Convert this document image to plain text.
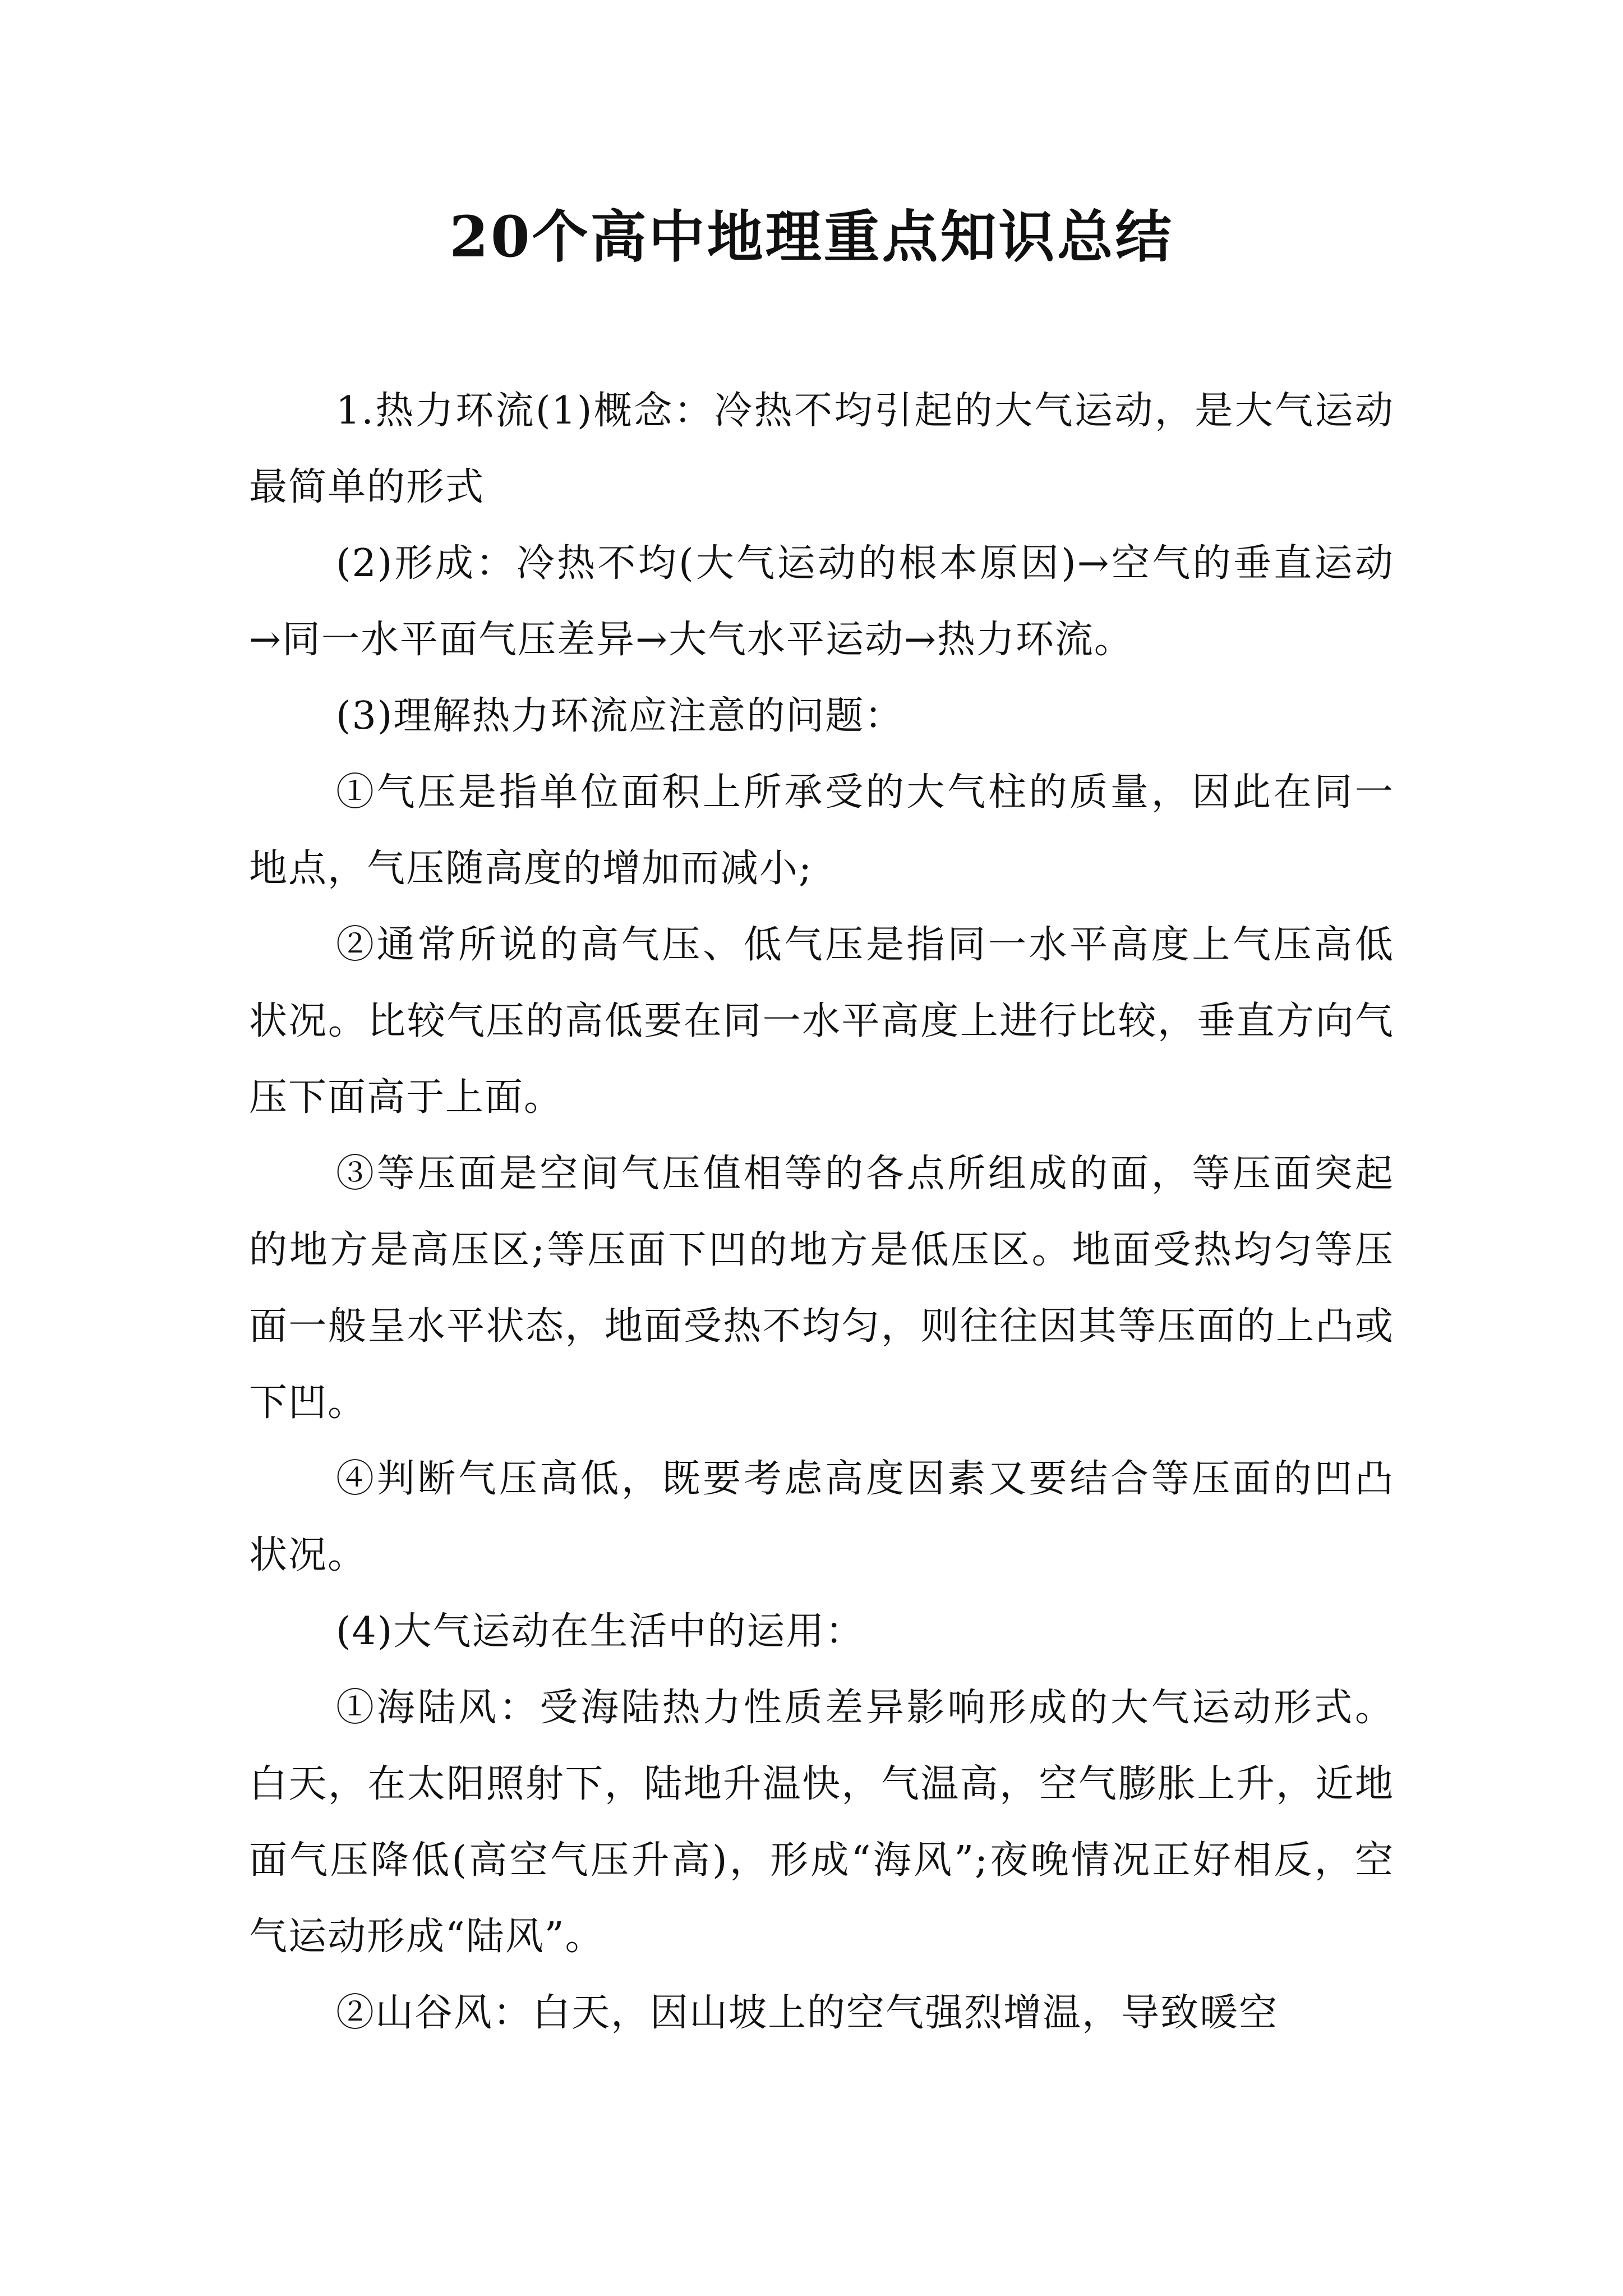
20个高中地理重点知识总结

1.热力环流(1)概念：冷热不均引起的大气运动，是大气运动最简单的形式

(2)形成：冷热不均(大气运动的根本原因)→空气的垂直运动→同一水平面气压差异→大气水平运动→热力环流。

(3)理解热力环流应注意的问题：

①气压是指单位面积上所承受的大气柱的质量，因此在同一地点，气压随高度的增加而减小;

②通常所说的高气压、低气压是指同一水平高度上气压高低状况。比较气压的高低要在同一水平高度上进行比较，垂直方向气压下面高于上面。

③等压面是空间气压值相等的各点所组成的面，等压面突起的地方是高压区;等压面下凹的地方是低压区。地面受热均匀等压面一般呈水平状态，地面受热不均匀，则往往因其等压面的上凸或下凹。

④判断气压高低，既要考虑高度因素又要结合等压面的凹凸状况。

(4)大气运动在生活中的运用：

①海陆风：受海陆热力性质差异影响形成的大气运动形式。白天，在太阳照射下，陆地升温快，气温高，空气膨胀上升，近地面气压降低(高空气压升高)，形成“海风”;夜晚情况正好相反，空气运动形成“陆风”。

②山谷风：白天，因山坡上的空气强烈增温，导致暖空
